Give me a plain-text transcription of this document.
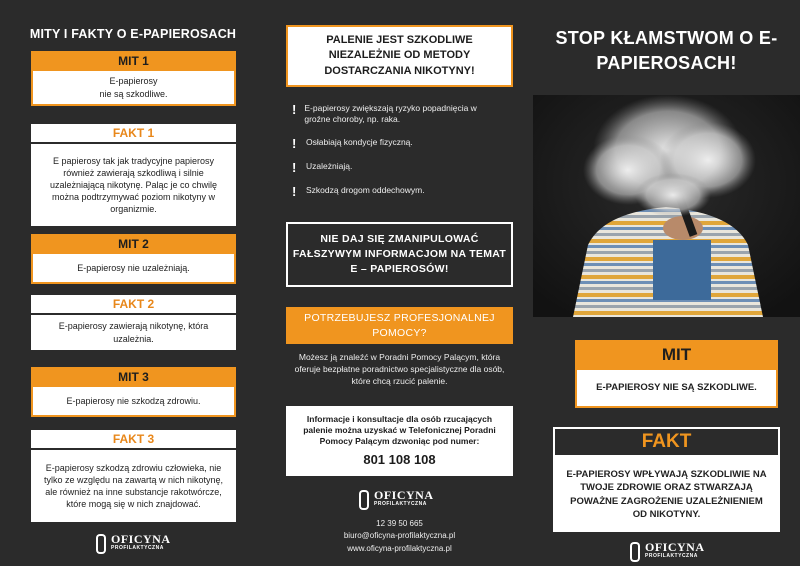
MITY I FAKTY O E-PAPIEROSACH
MIT 1
E-papierosy
nie są szkodliwe.
FAKT 1
E papierosy tak jak tradycyjne papierosy również zawierają szkodliwą i silnie uzależniającą nikotynę. Paląc je co chwilę można podtrzymywać poziom nikotyny w organizmie.
MIT 2
E-papierosy nie uzależniają.
FAKT 2
E-papierosy zawierają nikotynę, która uzależnia.
MIT 3
E-papierosy nie szkodzą zdrowiu.
FAKT 3
E-papierosy szkodzą zdrowiu człowieka, nie tylko ze względu na zawartą w nich nikotynę, ale również na inne substancje rakotwórcze, które mogą się w nich znajdować.
OFICYNA
PROFILAKTYCZNA
PALENIE JEST SZKODLIWE NIEZALEŻNIE OD METODY DOSTARCZANIA NIKOTYNY!
! E-papierosy zwiększają ryzyko popadnięcia w groźne choroby, np. raka.
! Osłabiają kondycje fizyczną.
! Uzależniają.
! Szkodzą drogom oddechowym.
NIE DAJ SIĘ ZMANIPULOWAĆ FAŁSZYWYM INFORMACJOM NA TEMAT E – PAPIEROSÓW!
POTRZEBUJESZ PROFESJONALNEJ POMOCY?
Możesz ją znaleźć w Poradni Pomocy Palącym, która oferuje bezpłatne poradnictwo specjalistyczne dla osób, które chcą rzucić palenie.
Informacje i konsultacje dla osób rzucających palenie można uzyskać w Telefonicznej Poradni Pomocy Palącym dzwoniąc pod numer:
801 108 108
OFICYNA
PROFILAKTYCZNA
12 39 50 665
biuro@oficyna-profilaktyczna.pl
www.oficyna-profilaktyczna.pl
STOP KŁAMSTWOM O E-PAPIEROSACH!
MIT
E-PAPIEROSY NIE SĄ SZKODLIWE.
FAKT
E-PAPIEROSY WPŁYWAJĄ SZKODLIWIE NA TWOJE ZDROWIE ORAZ STWARZAJĄ POWAŻNE ZAGROŻENIE UZALEŻNIENIEM OD NIKOTYNY.
OFICYNA
PROFILAKTYCZNA
